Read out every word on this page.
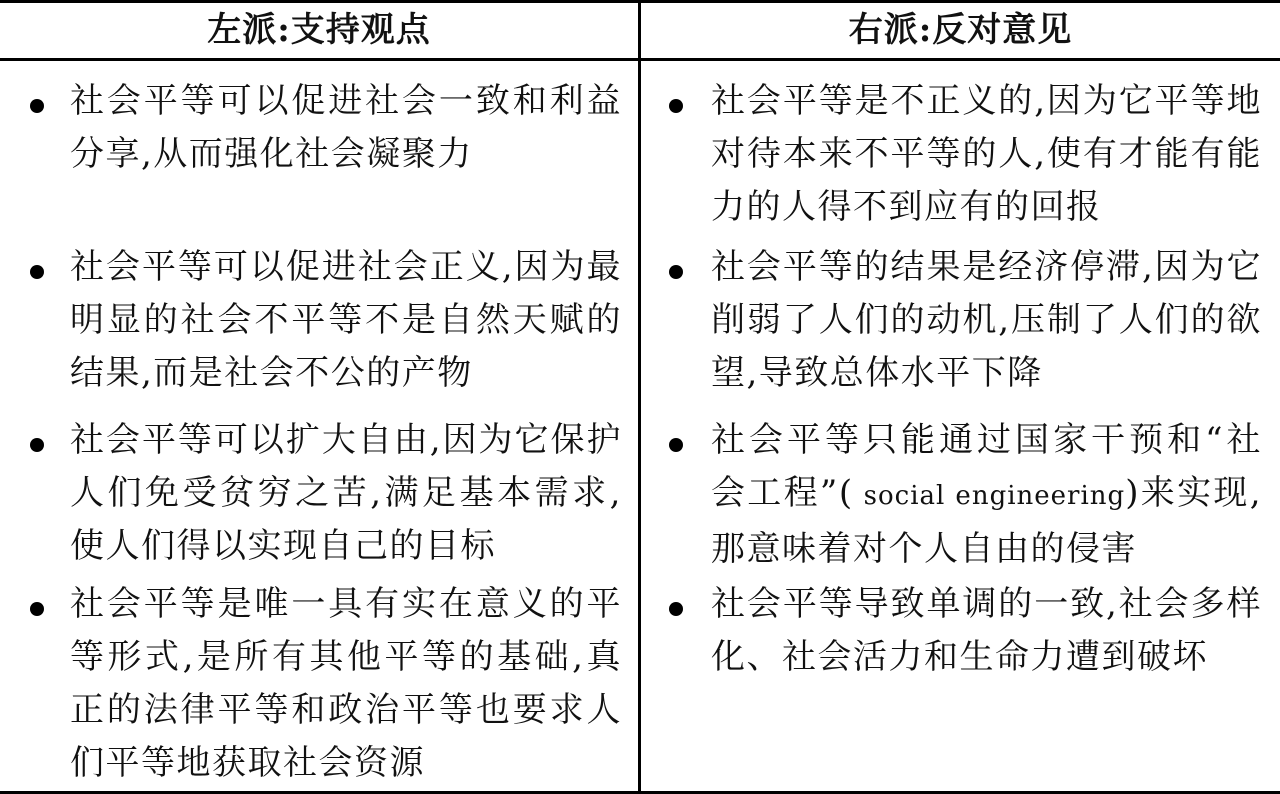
左派:支持观点	右派:反对意见
社会平等可以促进社会一致和利益分享,从而强化社会凝聚力
社会平等可以促进社会正义,因为最明显的社会不平等不是自然天赋的结果,而是社会不公的产物
社会平等可以扩大自由,因为它保护人们免受贫穷之苦,满足基本需求,使人们得以实现自己的目标
社会平等是唯一具有实在意义的平等形式,是所有其他平等的基础,真正的法律平等和政治平等也要求人们平等地获取社会资源
社会平等是不正义的,因为它平等地对待本来不平等的人,使有才能有能力的人得不到应有的回报
社会平等的结果是经济停滞,因为它削弱了人们的动机,压制了人们的欲望,导致总体水平下降
社会平等只能通过国家干预和“社会工程”( social engineering)来实现,那意味着对个人自由的侵害
社会平等导致单调的一致,社会多样化、社会活力和生命力遭到破坏
